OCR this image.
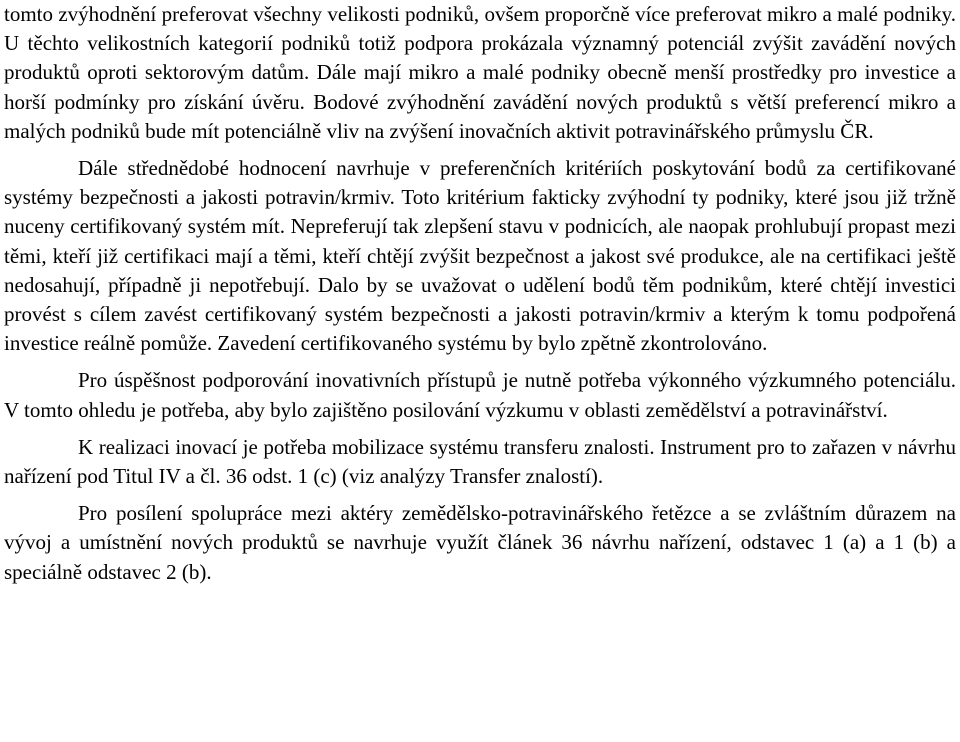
tomto zvýhodnění preferovat všechny velikosti podniků, ovšem proporčně více preferovat mikro a malé podniky. U těchto velikostních kategorií podniků totiž podpora prokázala významný potenciál zvýšit zavádění nových produktů oproti sektorovým datům. Dále mají mikro a malé podniky obecně menší prostředky pro investice a horší podmínky pro získání úvěru. Bodové zvýhodnění zavádění nových produktů s větší preferencí mikro a malých podniků bude mít potenciálně vliv na zvýšení inovačních aktivit potravinářského průmyslu ČR.

Dále střednědobé hodnocení navrhuje v preferenčních kritériích poskytování bodů za certifikované systémy bezpečnosti a jakosti potravin/krmiv. Toto kritérium fakticky zvýhodní ty podniky, které jsou již tržně nuceny certifikovaný systém mít. Nepreferují tak zlepšení stavu v podnicích, ale naopak prohlubují propast mezi těmi, kteří již certifikaci mají a těmi, kteří chtějí zvýšit bezpečnost a jakost své produkce, ale na certifikaci ještě nedosahují, případně ji nepotřebují. Dalo by se uvažovat o udělení bodů těm podnikům, které chtějí investici provést s cílem zavést certifikovaný systém bezpečnosti a jakosti potravin/krmiv a kterým k tomu podpořená investice reálně pomůže. Zavedení certifikovaného systému by bylo zpětně zkontrolováno.

Pro úspěšnost podporování inovativních přístupů je nutně potřeba výkonného výzkumného potenciálu. V tomto ohledu je potřeba, aby bylo zajištěno posilování výzkumu v oblasti zemědělství a potravinářství.

K realizaci inovací je potřeba mobilizace systému transferu znalosti. Instrument pro to zařazen v návrhu nařízení pod Titul IV a čl. 36 odst. 1 (c) (viz analýzy Transfer znalostí).

Pro posílení spolupráce mezi aktéry zemědělsko-potravinářského řetězce a se zvláštním důrazem na vývoj a umístnění nových produktů se navrhuje využít článek 36 návrhu nařízení, odstavec 1 (a) a 1 (b) a speciálně odstavec 2 (b).
